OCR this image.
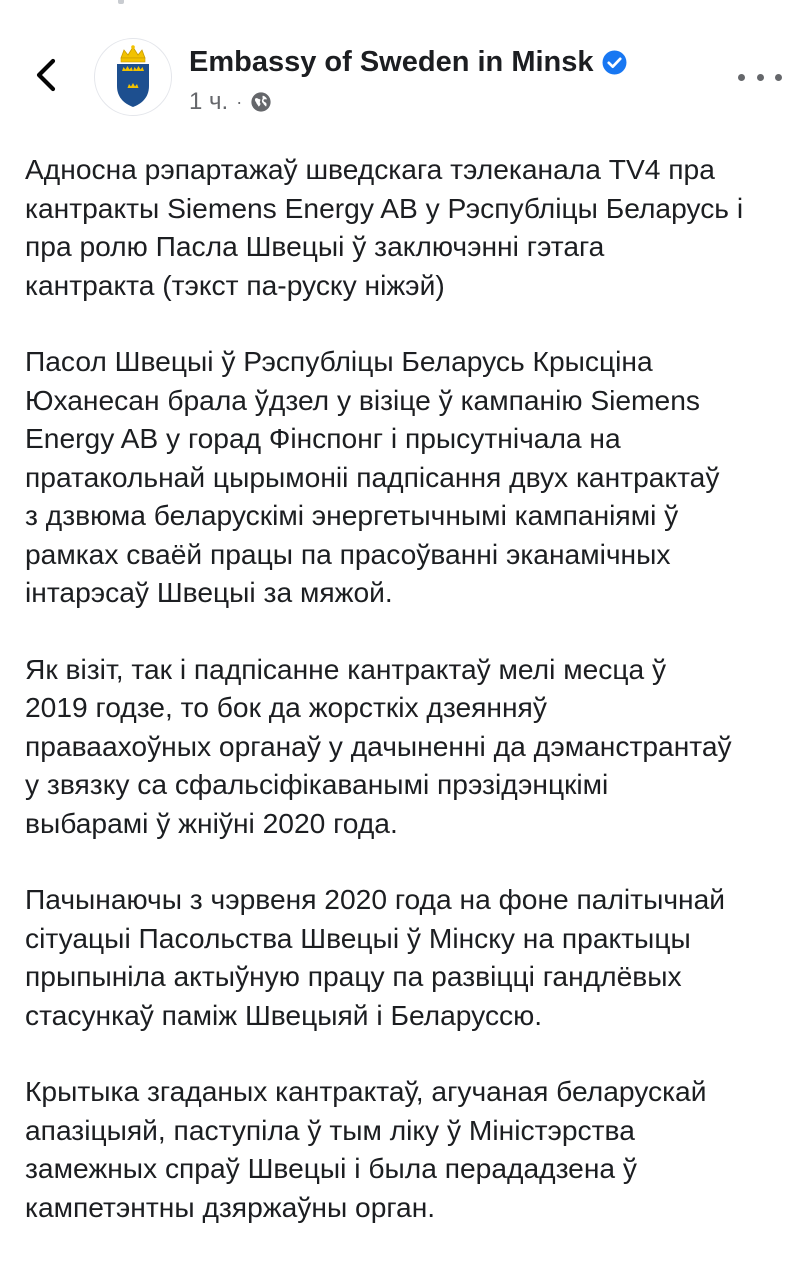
Embassy of Sweden in Minsk
1 ч. ·

Адносна рэпартажаў шведскага тэлеканала TV4 пра
кантракты Siemens Energy AB у Рэспубліцы Беларусь і
пра ролю Пасла Швецыі ў заключэнні гэтага
кантракта (тэкст па-руску ніжэй)

Пасол Швецыі ў Рэспубліцы Беларусь Крысціна
Юханесан брала ўдзел у візіце ў кампанію Siemens
Energy AB у горад Фінспонг і прысутнічала на
пратакольнай цырымоніі падпісання двух кантрактаў
з дзвюма беларускімі энергетычнымі кампаніямі ў
рамках сваёй працы па прасоўванні эканамічных
інтарэсаў Швецыі за мяжой.

Як візіт, так і падпісанне кантрактаў мелі месца ў
2019 годзе, то бок да жорсткіх дзеянняў
праваахоўных органаў у дачыненні да дэманстрантаў
у звязку са сфальсіфікаванымі прэзідэнцкімі
выбарамі ў жніўні 2020 года.

Пачынаючы з чэрвеня 2020 года на фоне палітычнай
сітуацыі Пасольства Швецыі ў Мінску на практыцы
прыпыніла актыўную працу па развіцці гандлёвых
стасункаў паміж Швецыяй і Беларуссю.

Крытыка згаданых кантрактаў, агучаная беларускай
апазіцыяй, паступіла ў тым ліку ў Міністэрства
замежных спраў Швецыі і была перададзена ў
кампетэнтны дзяржаўны орган.
